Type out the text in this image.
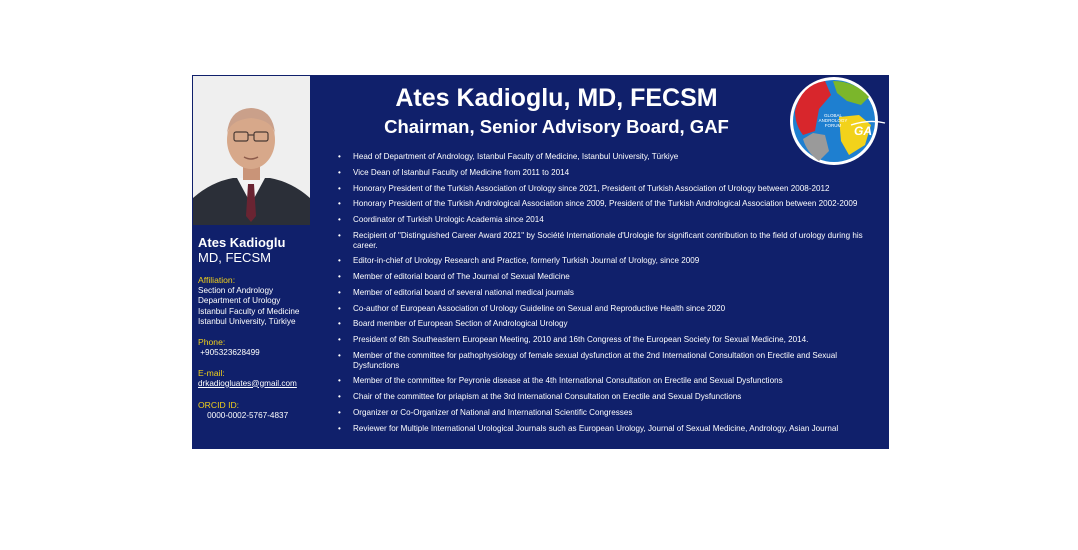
Ates Kadioglu

MD, FECSM

Affiliation:
Section of Andrology
Department of Urology
Istanbul Faculty of Medicine
Istanbul University, Türkiye
Phone:
+905323628499
E-mail:
drkadiogluates@gmail.com
ORCID ID:
0000-0002-5767-4837
Ates Kadioglu, MD, FECSM
Chairman, Senior Advisory Board, GAF
GLOBAL
ANDROLOGY
FORUM GA
• Head of Department of Andrology, Istanbul Faculty of Medicine, Istanbul University, Türkiye
• Vice Dean of Istanbul Faculty of Medicine from 2011 to 2014
• Honorary President of the Turkish Association of Urology since 2021, President of Turkish Association of Urology between 2008-2012
• Honorary President of the Turkish Andrological Association since 2009, President of the Turkish Andrological Association between 2002-2009
• Coordinator of Turkish Urologic Academia since 2014
• Recipient of "Distinguished Career Award 2021" by Société Internationale d'Urologie for significant contribution to the field of urology during his career.
• Editor-in-chief of Urology Research and Practice, formerly Turkish Journal of Urology, since 2009
• Member of editorial board of The Journal of Sexual Medicine
• Member of editorial board of several national medical journals
• Co-author of European Association of Urology Guideline on Sexual and Reproductive Health since 2020
• Board member of European Section of Andrological Urology
• President of 6th Southeastern European Meeting, 2010 and 16th Congress of the European Society for Sexual Medicine, 2014.
• Member of the committee for pathophysiology of female sexual dysfunction at the 2nd International Consultation on Erectile and Sexual Dysfunctions
• Member of the committee for Peyronie disease at the 4th International Consultation on Erectile and Sexual Dysfunctions
• Chair of the committee for priapism at the 3rd International Consultation on Erectile and Sexual Dysfunctions
• Organizer or Co-Organizer of National and International Scientific Congresses
• Reviewer for Multiple International Urological Journals such as European Urology, Journal of Sexual Medicine, Andrology, Asian Journal
